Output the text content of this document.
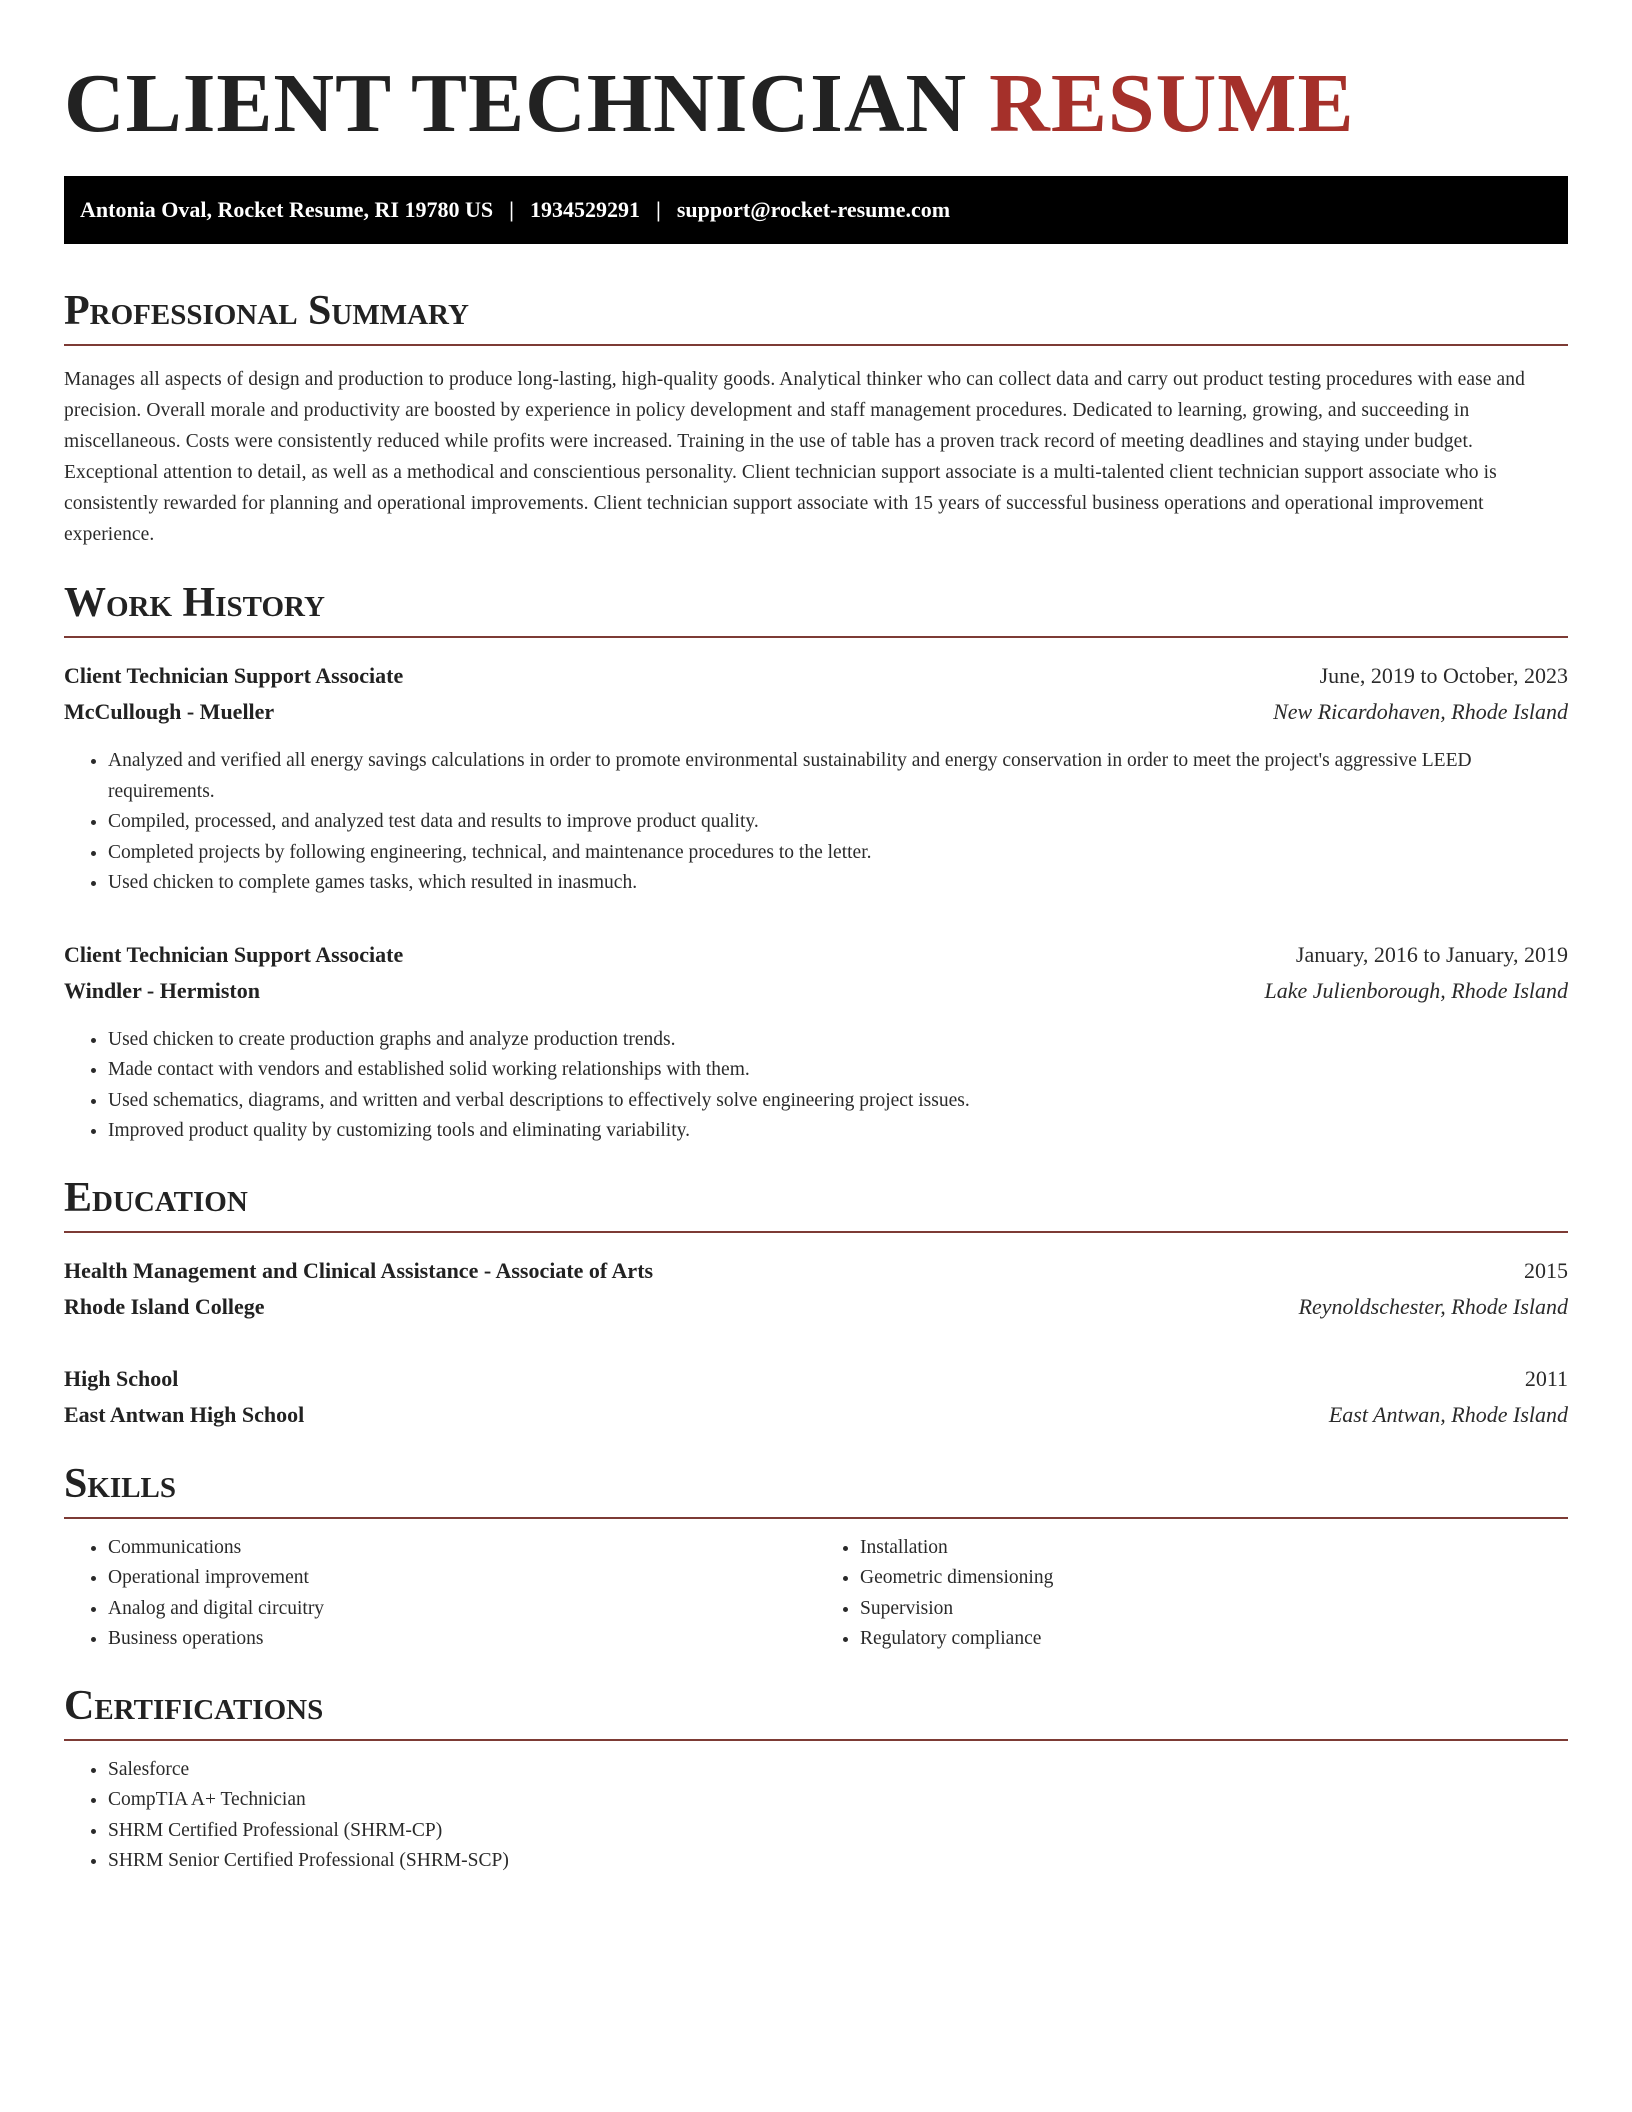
CLIENT TECHNICIAN RESUME
Antonia Oval, Rocket Resume, RI 19780 US | 1934529291 | support@rocket-resume.com
Professional Summary

Manages all aspects of design and production to produce long-lasting, high-quality goods. Analytical thinker who can collect data and carry out product testing procedures with ease and precision. Overall morale and productivity are boosted by experience in policy development and staff management procedures. Dedicated to learning, growing, and succeeding in miscellaneous. Costs were consistently reduced while profits were increased. Training in the use of table has a proven track record of meeting deadlines and staying under budget. Exceptional attention to detail, as well as a methodical and conscientious personality. Client technician support associate is a multi-talented client technician support associate who is consistently rewarded for planning and operational improvements. Client technician support associate with 15 years of successful business operations and operational improvement experience.

Work History
Client Technician Support Associate	June, 2019 to October, 2023
McCullough - Mueller	New Ricardohaven, Rhode Island
• Analyzed and verified all energy savings calculations in order to promote environmental sustainability and energy conservation in order to meet the project's aggressive LEED requirements.
• Compiled, processed, and analyzed test data and results to improve product quality.
• Completed projects by following engineering, technical, and maintenance procedures to the letter.
• Used chicken to complete games tasks, which resulted in inasmuch.
Client Technician Support Associate	January, 2016 to January, 2019
Windler - Hermiston	Lake Julienborough, Rhode Island
• Used chicken to create production graphs and analyze production trends.
• Made contact with vendors and established solid working relationships with them.
• Used schematics, diagrams, and written and verbal descriptions to effectively solve engineering project issues.
• Improved product quality by customizing tools and eliminating variability.
Education
Health Management and Clinical Assistance - Associate of Arts	2015
Rhode Island College	Reynoldschester, Rhode Island
High School	2011
East Antwan High School	East Antwan, Rhode Island
Skills
• Communications
• Operational improvement
• Analog and digital circuitry
• Business operations
• Installation
• Geometric dimensioning
• Supervision
• Regulatory compliance
Certifications
• Salesforce
• CompTIA A+ Technician
• SHRM Certified Professional (SHRM-CP)
• SHRM Senior Certified Professional (SHRM-SCP)
